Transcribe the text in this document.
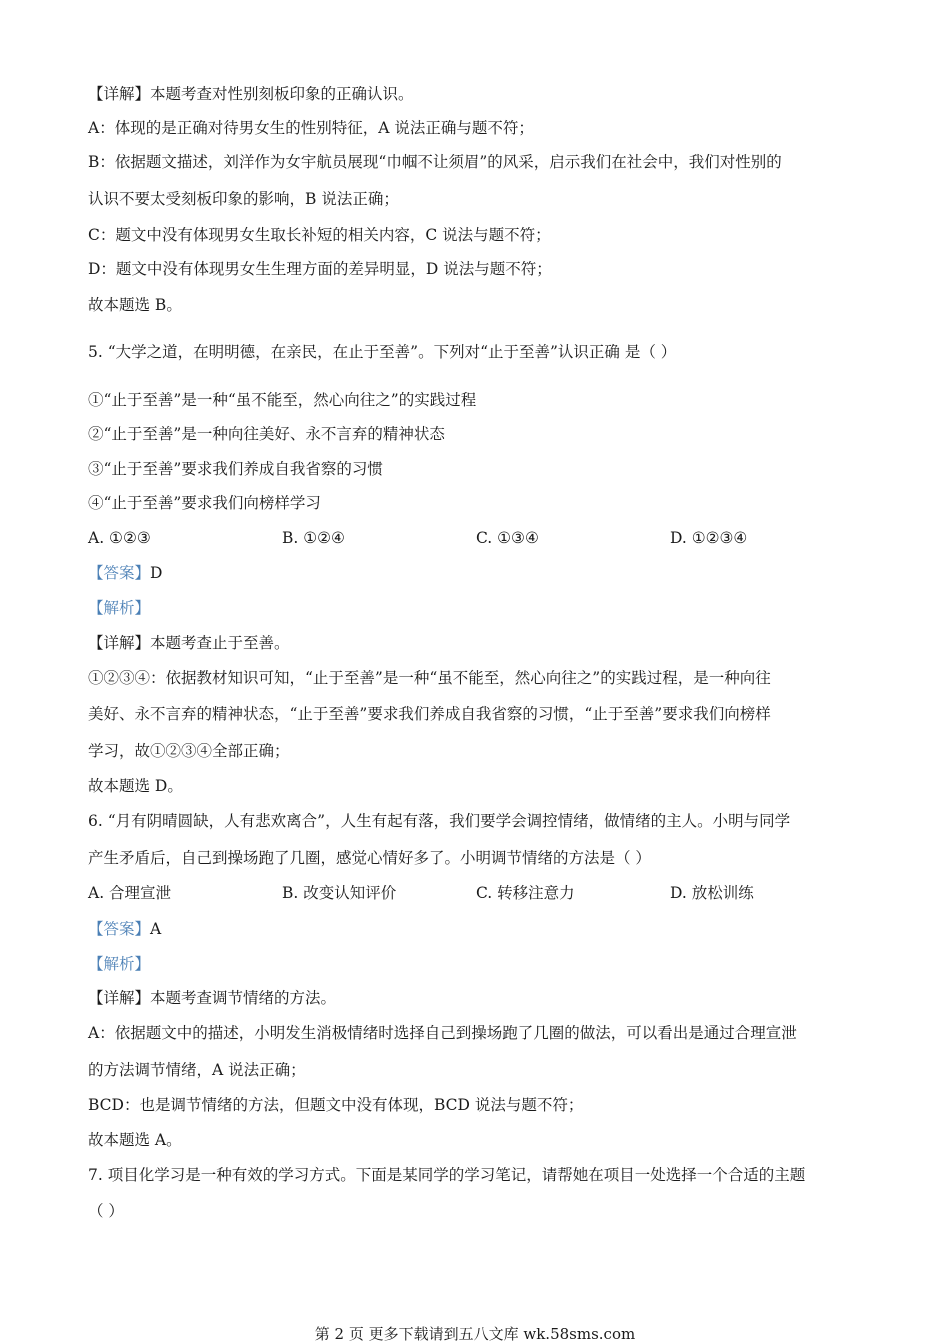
【详解】本题考查对性别刻板印象的正确认识。
A：体现的是正确对待男女生的性别特征，A 说法正确与题不符；
B：依据题文描述，刘洋作为女宇航员展现“巾帼不让须眉”的风采，启示我们在社会中，我们对性别的
认识不要太受刻板印象的影响，B 说法正确；
C：题文中没有体现男女生取长补短的相关内容，C 说法与题不符；
D：题文中没有体现男女生生理方面的差异明显，D 说法与题不符；
故本题选 B。
5. “大学之道，在明明德，在亲民，在止于至善”。下列对“止于至善”认识正确 是（ ）
①“止于至善”是一种“虽不能至，然心向往之”的实践过程
②“止于至善”是一种向往美好、永不言弃的精神状态
③“止于至善”要求我们养成自我省察的习惯
④“止于至善”要求我们向榜样学习
A. ①②③	B. ①②④	C. ①③④	D. ①②③④
【答案】D
【解析】
【详解】本题考查止于至善。
①②③④：依据教材知识可知，“止于至善”是一种“虽不能至，然心向往之”的实践过程，是一种向往
美好、永不言弃的精神状态，“止于至善”要求我们养成自我省察的习惯，“止于至善”要求我们向榜样
学习，故①②③④全部正确；
故本题选 D。
6. “月有阴晴圆缺，人有悲欢离合”，人生有起有落，我们要学会调控情绪，做情绪的主人。小明与同学
产生矛盾后，自己到操场跑了几圈，感觉心情好多了。小明调节情绪的方法是（ ）
A. 合理宣泄	B. 改变认知评价	C. 转移注意力	D. 放松训练
【答案】A
【解析】
【详解】本题考查调节情绪的方法。
A：依据题文中的描述，小明发生消极情绪时选择自己到操场跑了几圈的做法，可以看出是通过合理宣泄
的方法调节情绪，A 说法正确；
BCD：也是调节情绪的方法，但题文中没有体现，BCD 说法与题不符；
故本题选 A。
7. 项目化学习是一种有效的学习方式。下面是某同学的学习笔记，请帮她在项目一处选择一个合适的主题
（ ）
第 2 页 更多下载请到五八文库 wk.58sms.com
